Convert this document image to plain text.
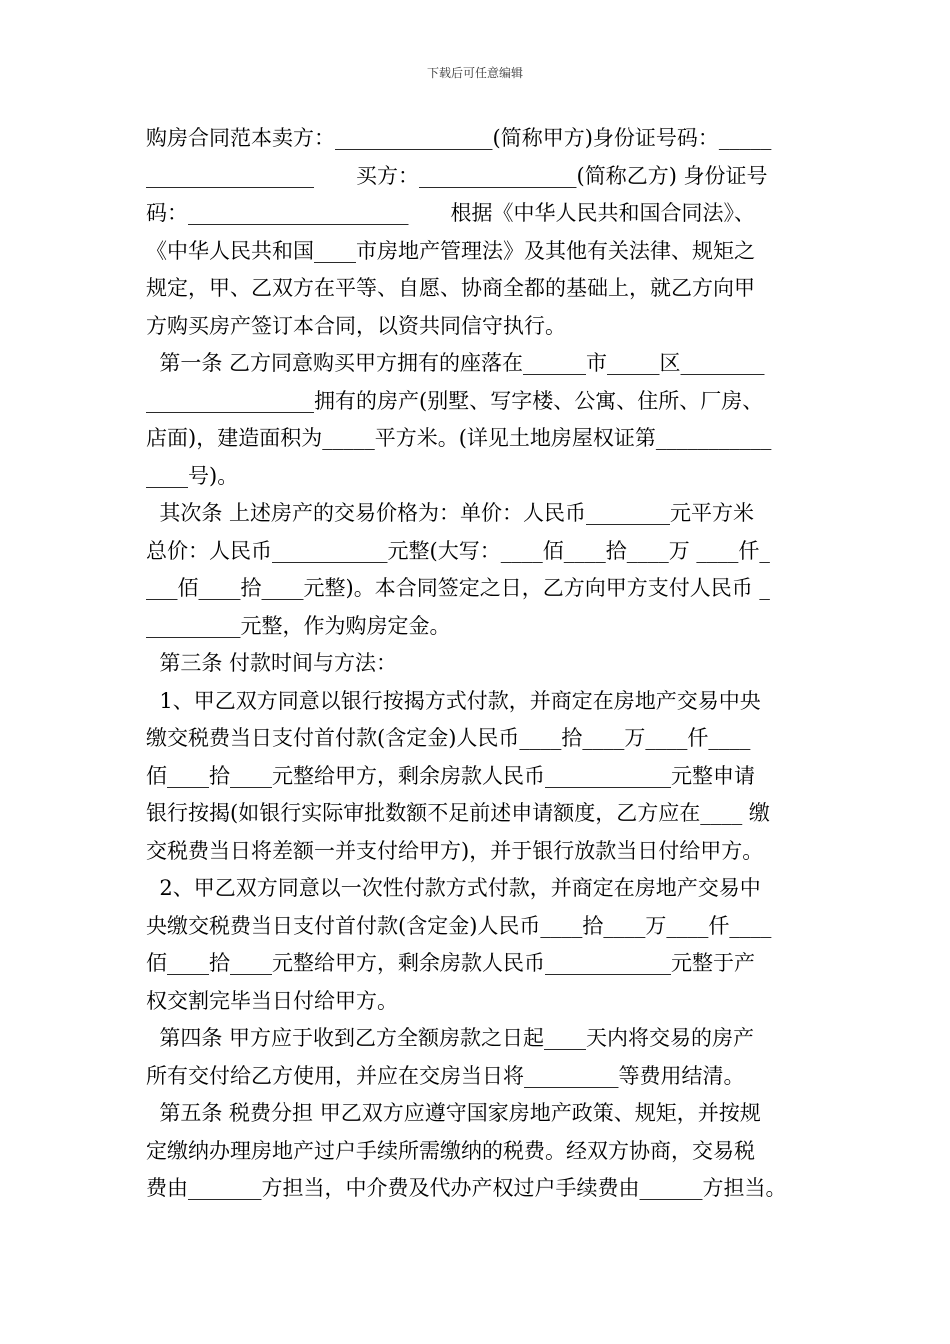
下载后可任意编辑
购房合同范本卖方：_______________(简称甲方)身份证号码：_____
________________　　买方：_______________(简称乙方) 身份证号
码：_____________________　　根据《中华人民共和国合同法》、
《中华人民共和国____市房地产管理法》及其他有关法律、规矩之
规定，甲、乙双方在平等、自愿、协商全都的基础上，就乙方向甲
方购买房产签订本合同，以资共同信守执行。
第一条 乙方同意购买甲方拥有的座落在______市_____区________
________________拥有的房产(别墅、写字楼、公寓、住所、厂房、
店面)，建造面积为_____平方米。(详见土地房屋权证第___________
____号)。
其次条 上述房产的交易价格为：单价：人民币________元平方米
总价：人民币___________元整(大写：____佰____拾____万 ____仟_
___佰____拾____元整)。本合同签定之日，乙方向甲方支付人民币 _
_________元整，作为购房定金。
第三条 付款时间与方法：
1、甲乙双方同意以银行按揭方式付款，并商定在房地产交易中央
缴交税费当日支付首付款(含定金)人民币____拾____万____仟____
佰____拾____元整给甲方，剩余房款人民币____________元整申请
银行按揭(如银行实际审批数额不足前述申请额度，乙方应在____ 缴
交税费当日将差额一并支付给甲方)，并于银行放款当日付给甲方。
2、甲乙双方同意以一次性付款方式付款，并商定在房地产交易中
央缴交税费当日支付首付款(含定金)人民币____拾____万____仟____
佰____拾____元整给甲方，剩余房款人民币____________元整于产
权交割完毕当日付给甲方。
第四条 甲方应于收到乙方全额房款之日起____天内将交易的房产
所有交付给乙方使用，并应在交房当日将_________等费用结清。
第五条 税费分担 甲乙双方应遵守国家房地产政策、规矩，并按规
定缴纳办理房地产过户手续所需缴纳的税费。经双方协商，交易税
费由_______方担当，中介费及代办产权过户手续费由______方担当。
